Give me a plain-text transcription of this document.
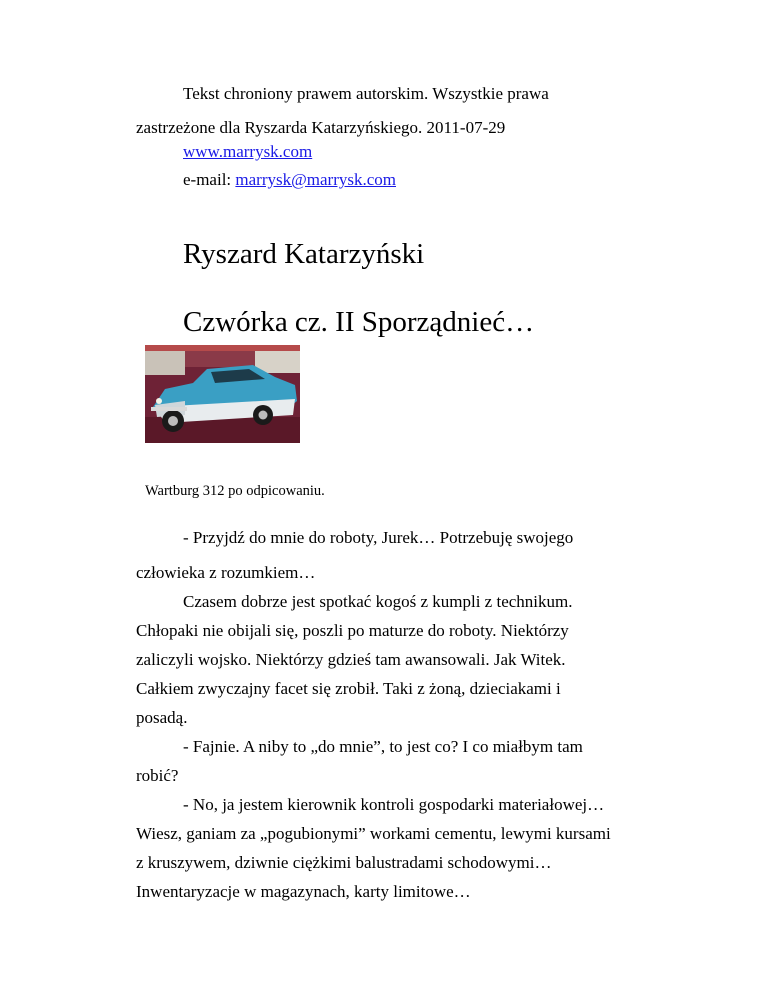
Tekst chroniony prawem autorskim. Wszystkie prawa
zastrzeżone dla Ryszarda Katarzyńskiego. 2011-07-29
www.marrysk.com
e-mail: marrysk@marrysk.com
Ryszard Katarzyński
Czwórka cz. II Sporządnieć…
Wartburg 312 po odpicowaniu.
- Przyjdź do mnie do roboty, Jurek… Potrzebuję swojego
człowieka z rozumkiem…
Czasem dobrze jest spotkać kogoś z kumpli z technikum.
Chłopaki nie obijali się, poszli po maturze do roboty. Niektórzy
zaliczyli wojsko. Niektórzy gdzieś tam awansowali. Jak Witek.
Całkiem zwyczajny facet się zrobił. Taki z żoną, dzieciakami i
posadą.
- Fajnie. A niby to „do mnie”, to jest co? I co miałbym tam
robić?
- No, ja jestem kierownik kontroli gospodarki materiałowej…
Wiesz, ganiam za „pogubionymi” workami cementu, lewymi kursami
z kruszywem, dziwnie ciężkimi balustradami schodowymi…
Inwentaryzacje w magazynach, karty limitowe…
